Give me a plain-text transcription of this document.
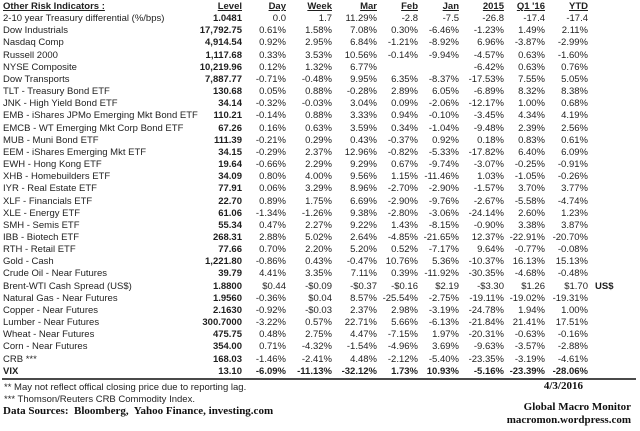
Other Risk Indicators :	Level	Day	Week	Mar	Feb	Jan	2015	Q1 '16	YTD	
2-10 year Treasury differential (%/bps)	1.0481	0.0	1.7	11.29%	-2.8	-7.5	-26.8	-17.4	-17.4	
Dow Industrials	17,792.75	0.61%	1.58%	7.08%	0.30%	-6.46%	-1.23%	1.49%	2.11%	
Nasdaq Comp	4,914.54	0.92%	2.95%	6.84%	-1.21%	-8.92%	6.96%	-3.87%	-2.99%	
Russell 2000	1,117.68	0.33%	3.53%	10.56%	-0.14%	-9.94%	-4.57%	0.63%	-1.60%	
NYSE Composite	10,219.96	0.12%	1.32%	6.77%			-6.42%	0.63%	0.76%	
Dow Transports	7,887.77	-0.71%	-0.48%	9.95%	6.35%	-8.37%	-17.53%	7.55%	5.05%	
TLT - Treasury Bond ETF	130.68	0.05%	0.88%	-0.28%	2.89%	6.05%	-6.89%	8.32%	8.38%	
JNK - High Yield Bond ETF	34.14	-0.32%	-0.03%	3.04%	0.09%	-2.06%	-12.17%	1.00%	0.68%	
EMB - iShares JPMo Emerging Mkt Bond ETF	110.21	-0.14%	0.88%	3.33%	0.94%	-0.10%	-3.45%	4.34%	4.19%	
EMCB - WT Emerging Mkt Corp Bond ETF	67.26	0.16%	0.63%	3.59%	0.34%	-1.04%	-9.48%	2.39%	2.56%	
MUB - Muni Bond ETF	111.39	-0.21%	0.29%	0.43%	-0.37%	0.92%	0.18%	0.83%	0.61%	
EEM - iShares Emerging Mkt ETF	34.15	-0.29%	2.37%	12.96%	-0.82%	-5.33%	-17.82%	6.40%	6.09%	
EWH - Hong Kong ETF	19.64	-0.66%	2.29%	9.29%	0.67%	-9.74%	-3.07%	-0.25%	-0.91%	
XHB - Homebuilders ETF	34.09	0.80%	4.00%	9.56%	1.15%	-11.46%	1.03%	-1.05%	-0.26%	
IYR - Real Estate ETF	77.91	0.06%	3.29%	8.96%	-2.70%	-2.90%	-1.57%	3.70%	3.77%	
XLF - Financials ETF	22.70	0.89%	1.75%	6.69%	-2.90%	-9.76%	-2.67%	-5.58%	-4.74%	
XLE - Energy ETF	61.06	-1.34%	-1.26%	9.38%	-2.80%	-3.06%	-24.14%	2.60%	1.23%	
SMH - Semis ETF	55.34	0.47%	2.27%	9.22%	1.43%	-8.15%	-0.90%	3.38%	3.87%	
IBB - Biotech ETF	268.31	2.88%	5.02%	2.64%	-4.85%	-21.65%	12.37%	-22.91%	-20.70%	
RTH - Retail ETF	77.66	0.70%	2.20%	5.20%	0.52%	-7.17%	9.64%	-0.77%	-0.08%	
Gold - Cash	1,221.80	-0.86%	0.43%	-0.47%	10.76%	5.36%	-10.37%	16.13%	15.13%	
Crude Oil - Near Futures	39.79	4.41%	3.35%	7.11%	0.39%	-11.92%	-30.35%	-4.68%	-0.48%	
Brent-WTI Cash Spread (US$)	1.8800	$0.44	-$0.09	-$0.37	-$0.16	$2.19	-$3.30	$1.26	$1.70	US$
Natural Gas - Near Futures	1.9560	-0.36%	$0.04	8.57%	-25.54%	-2.75%	-19.11%	-19.02%	-19.31%	
Copper - Near Futures	2.1630	-0.92%	-$0.03	2.37%	2.98%	-3.19%	-24.78%	1.94%	1.00%	
Lumber - Near Futures	300.7000	-3.22%	0.57%	22.71%	5.66%	-6.13%	-21.84%	21.41%	17.51%	
Wheat - Near Futures	475.75	0.48%	2.75%	4.47%	-7.15%	1.97%	-20.31%	-0.63%	-0.16%	
Corn - Near Futures	354.00	0.71%	-4.32%	-1.54%	-4.96%	3.69%	-9.63%	-3.57%	-2.88%	
CRB ***	168.03	-1.46%	-2.41%	4.48%	-2.12%	-5.40%	-23.35%	-3.19%	-4.61%	
VIX	13.10	-6.09%	-11.13%	-32.12%	1.73%	10.93%	-5.16%	-23.39%	-28.06%	
** May not reflect offical closing price due to reporting lag.
*** Thomson/Reuters CRB Commodity Index.
Data Sources:  Bloomberg,  Yahoo Finance, investing.com
4/3/2016
Global Macro Monitor
macromon.wordpress.com
